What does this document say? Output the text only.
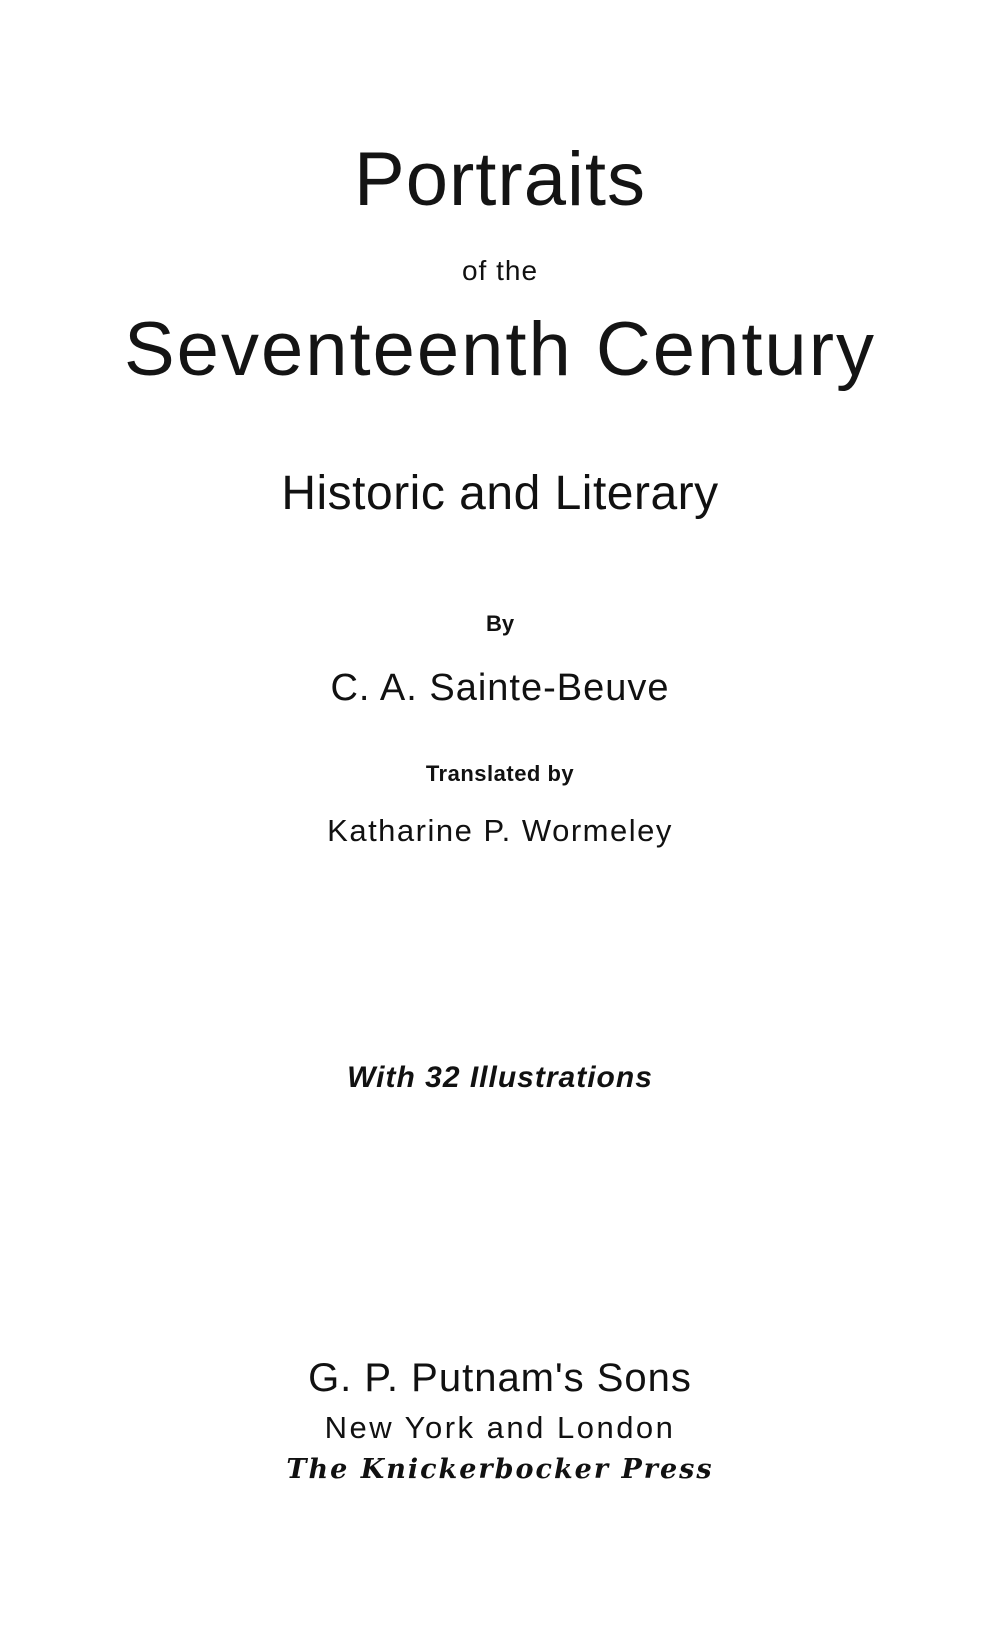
Portraits
of the
Seventeenth Century
Historic and Literary
By
C. A. Sainte-Beuve
Translated by
Katharine P. Wormeley
With 32 Illustrations
G. P. Putnam's Sons
New York and London
The Knickerbocker Press
